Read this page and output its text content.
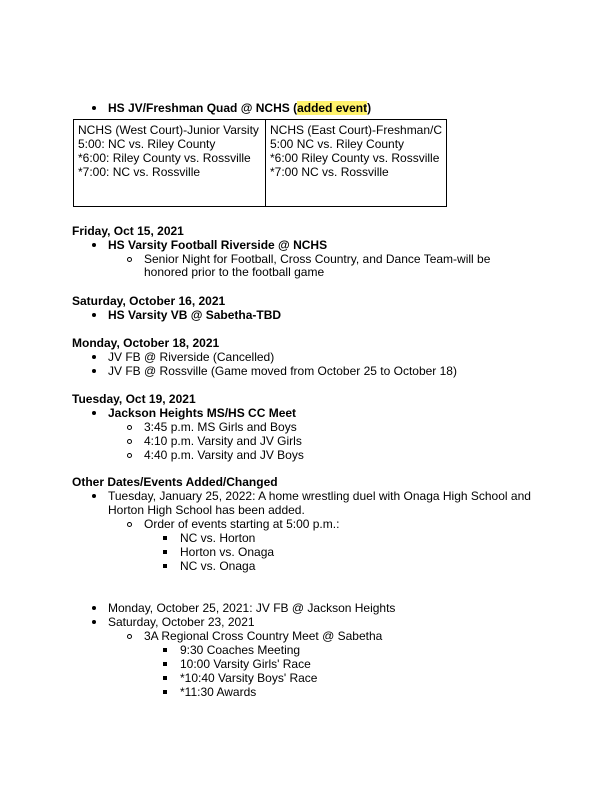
HS JV/Freshman Quad @ NCHS (added event)
NCHS (West Court)-Junior Varsity
5:00: NC vs. Riley County
*6:00: Riley County vs. Rossville
*7:00: NC vs. Rossville
NCHS (East Court)-Freshman/C
5:00 NC vs. Riley County
*6:00 Riley County vs. Rossville
*7:00 NC vs. Rossville
Friday, Oct 15, 2021
HS Varsity Football Riverside @ NCHS
Senior Night for Football, Cross Country, and Dance Team-will be
honored prior to the football game
Saturday, October 16, 2021
HS Varsity VB @ Sabetha-TBD
Monday, October 18, 2021
JV FB @ Riverside (Cancelled)
JV FB @ Rossville (Game moved from October 25 to October 18)
Tuesday, Oct 19, 2021
Jackson Heights MS/HS CC Meet
3:45 p.m. MS Girls and Boys
4:10 p.m. Varsity and JV Girls
4:40 p.m. Varsity and JV Boys
Other Dates/Events Added/Changed
Tuesday, January 25, 2022: A home wrestling duel with Onaga High School and
Horton High School has been added.
Order of events starting at 5:00 p.m.:
NC vs. Horton
Horton vs. Onaga
NC vs. Onaga
Monday, October 25, 2021: JV FB @ Jackson Heights
Saturday, October 23, 2021
3A Regional Cross Country Meet @ Sabetha
9:30 Coaches Meeting
10:00 Varsity Girls' Race
*10:40 Varsity Boys' Race
*11:30 Awards
